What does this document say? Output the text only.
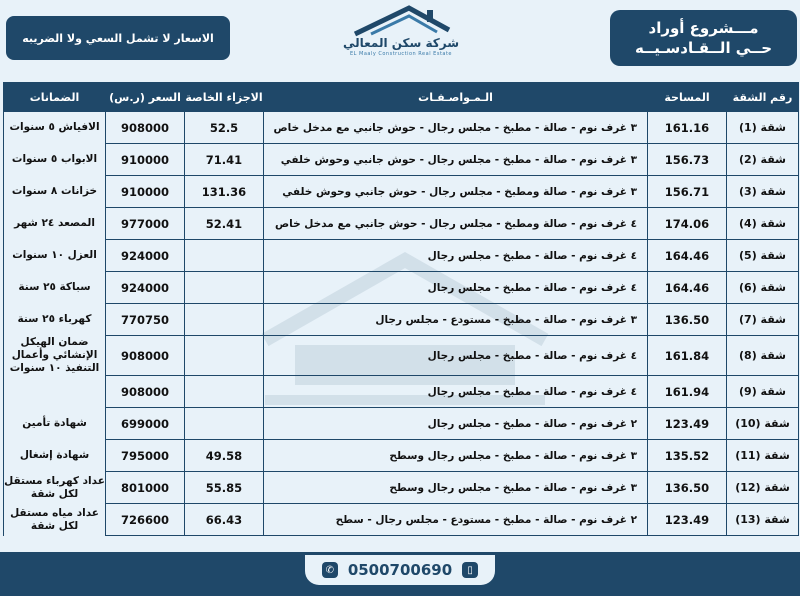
الاسعار لا تشمل السعي ولا الضريبه	شركة سكن المعالي
EL Maaly Construction Real Estate
مـــشروع أوراد
حــي الــقـادسـيــه
الضمانات	السعر (ر.س)	الاجزاء الخاصة	الـمـواصـفـات	المساحة	رقم الشقة
الافياش ٥ سنوات	908000	52.5	٣ غرف نوم - صالة - مطبخ - مجلس رجال - حوش جانبي مع مدخل خاص	161.16	شقة (1)
الابواب ٥ سنوات	910000	71.41	٣ غرف نوم - صالة - مطبخ - مجلس رجال - حوش جانبي وحوش خلفي	156.73	شقة (2)
خزانات ٨ سنوات	910000	131.36	٣ غرف نوم - صالة ومطبخ - مجلس رجال - حوش جانبي وحوش خلفي	156.71	شقة (3)
المصعد ٢٤ شهر	977000	52.41	٤ غرف نوم - صالة ومطبخ - مجلس رجال - حوش جانبي مع مدخل خاص	174.06	شقة (4)
العزل ١٠ سنوات	924000		٤ غرف نوم - صالة - مطبخ - مجلس رجال	164.46	شقة (5)
سباكة ٢٥ سنة	924000		٤ غرف نوم - صالة - مطبخ - مجلس رجال	164.46	شقة (6)
كهرباء ٢٥ سنة	770750		٣ غرف نوم - صالة - مطبخ - مستودع - مجلس رجال	136.50	شقة (7)
ضمان الهيكل الإنشائي وأعمال التنفيذ ١٠ سنوات	908000		٤ غرف نوم - صالة - مطبخ - مجلس رجال	161.84	شقة (8)
	908000		٤ غرف نوم - صالة - مطبخ - مجلس رجال	161.94	شقة (9)
شهادة تأمين	699000		٢ غرف نوم - صالة - مطبخ - مجلس رجال	123.49	شقة (10)
شهادة إشغال	795000	49.58	٣ غرف نوم - صالة - مطبخ - مجلس رجال وسطح	135.52	شقة (11)
عداد كهرباء مستقل لكل شقة	801000	55.85	٣ غرف نوم - صالة - مطبخ - مجلس رجال وسطح	136.50	شقة (12)
عداد مياه مستقل لكل شقة	726600	66.43	٢ غرف نوم - صالة - مطبخ - مستودع - مجلس رجال - سطح	123.49	شقة (13)
✆ 0500700690	▯
